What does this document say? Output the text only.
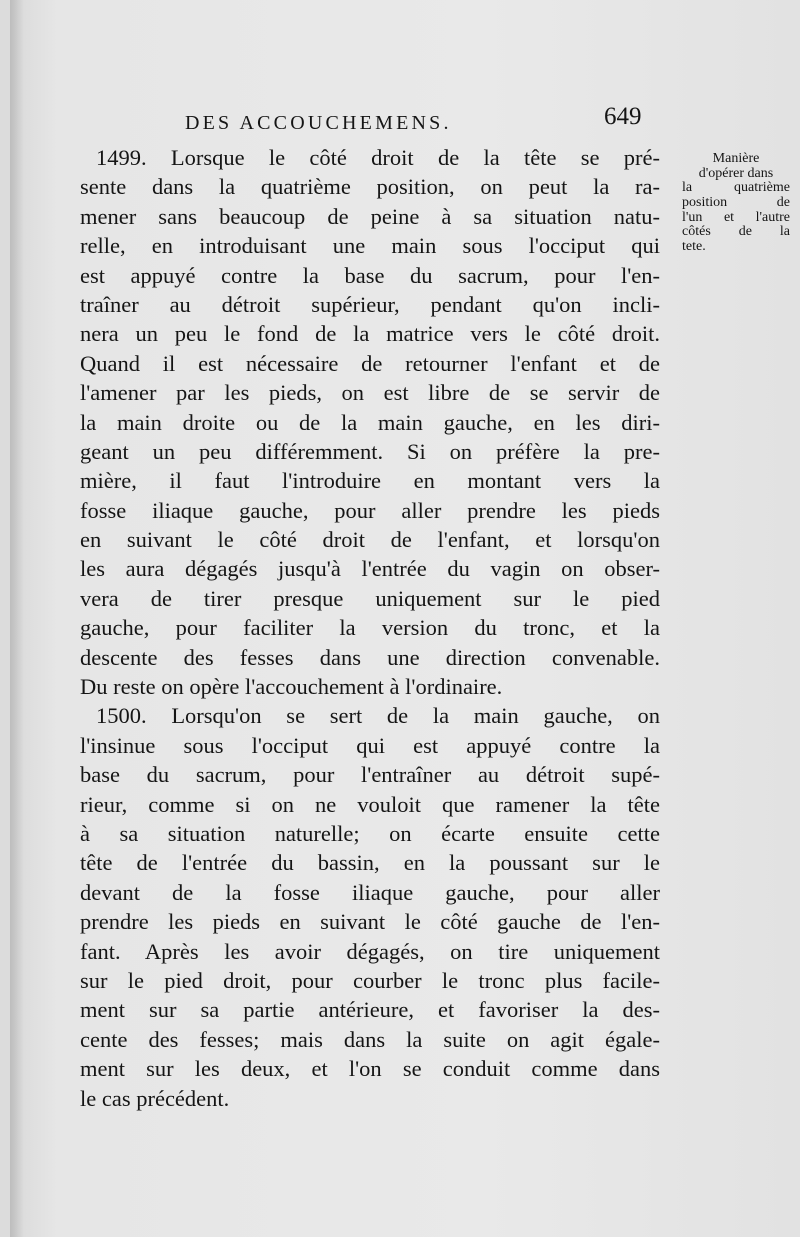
DES ACCOUCHEMENS.	649
1499. Lorsque le côté droit de la tête se pré-
sente dans la quatrième position, on peut la ra-
mener sans beaucoup de peine à sa situation natu-
relle, en introduisant une main sous l'occiput qui
est appuyé contre la base du sacrum, pour l'en-
traîner au détroit supérieur, pendant qu'on incli-
nera un peu le fond de la matrice vers le côté droit.
Quand il est nécessaire de retourner l'enfant et de
l'amener par les pieds, on est libre de se servir de
la main droite ou de la main gauche, en les diri-
geant un peu différemment. Si on préfère la pre-
mière, il faut l'introduire en montant vers la
fosse iliaque gauche, pour aller prendre les pieds
en suivant le côté droit de l'enfant, et lorsqu'on
les aura dégagés jusqu'à l'entrée du vagin on obser-
vera de tirer presque uniquement sur le pied
gauche, pour faciliter la version du tronc, et la
descente des fesses dans une direction convenable.
Du reste on opère l'accouchement à l'ordinaire.
1500. Lorsqu'on se sert de la main gauche, on
l'insinue sous l'occiput qui est appuyé contre la
base du sacrum, pour l'entraîner au détroit supé-
rieur, comme si on ne vouloit que ramener la tête
à sa situation naturelle; on écarte ensuite cette
tête de l'entrée du bassin, en la poussant sur le
devant de la fosse iliaque gauche, pour aller
prendre les pieds en suivant le côté gauche de l'en-
fant. Après les avoir dégagés, on tire uniquement
sur le pied droit, pour courber le tronc plus facile-
ment sur sa partie antérieure, et favoriser la des-
cente des fesses; mais dans la suite on agit égale-
ment sur les deux, et l'on se conduit comme dans
le cas précédent.
Manière
d'opérer dans
la quatrième
position de
l'un et l'autre
côtés de la
tete.
